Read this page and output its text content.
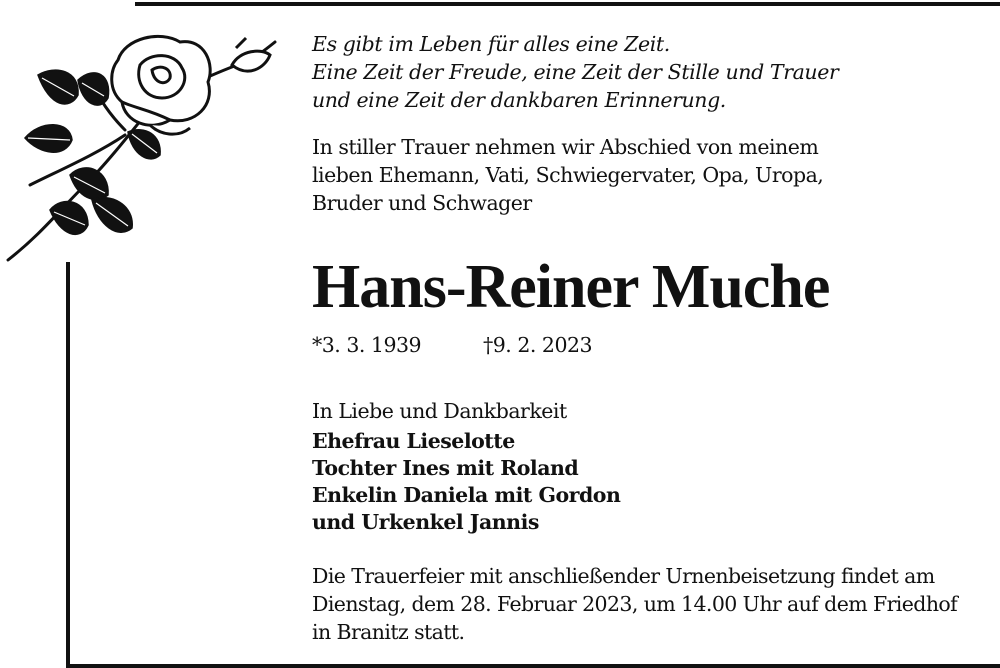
Es gibt im Leben für alles eine Zeit.
Eine Zeit der Freude, eine Zeit der Stille und Trauer
und eine Zeit der dankbaren Erinnerung.
In stiller Trauer nehmen wir Abschied von meinem
lieben Ehemann, Vati, Schwiegervater, Opa, Uropa,
Bruder und Schwager
Hans-Reiner Muche
*3. 3. 1939	†9. 2. 2023
In Liebe und Dankbarkeit
Ehefrau Lieselotte
Tochter Ines mit Roland
Enkelin Daniela mit Gordon
und Urkenkel Jannis
Die Trauerfeier mit anschließender Urnenbeisetzung findet am
Dienstag, dem 28. Februar 2023, um 14.00 Uhr auf dem Friedhof
in Branitz statt.
